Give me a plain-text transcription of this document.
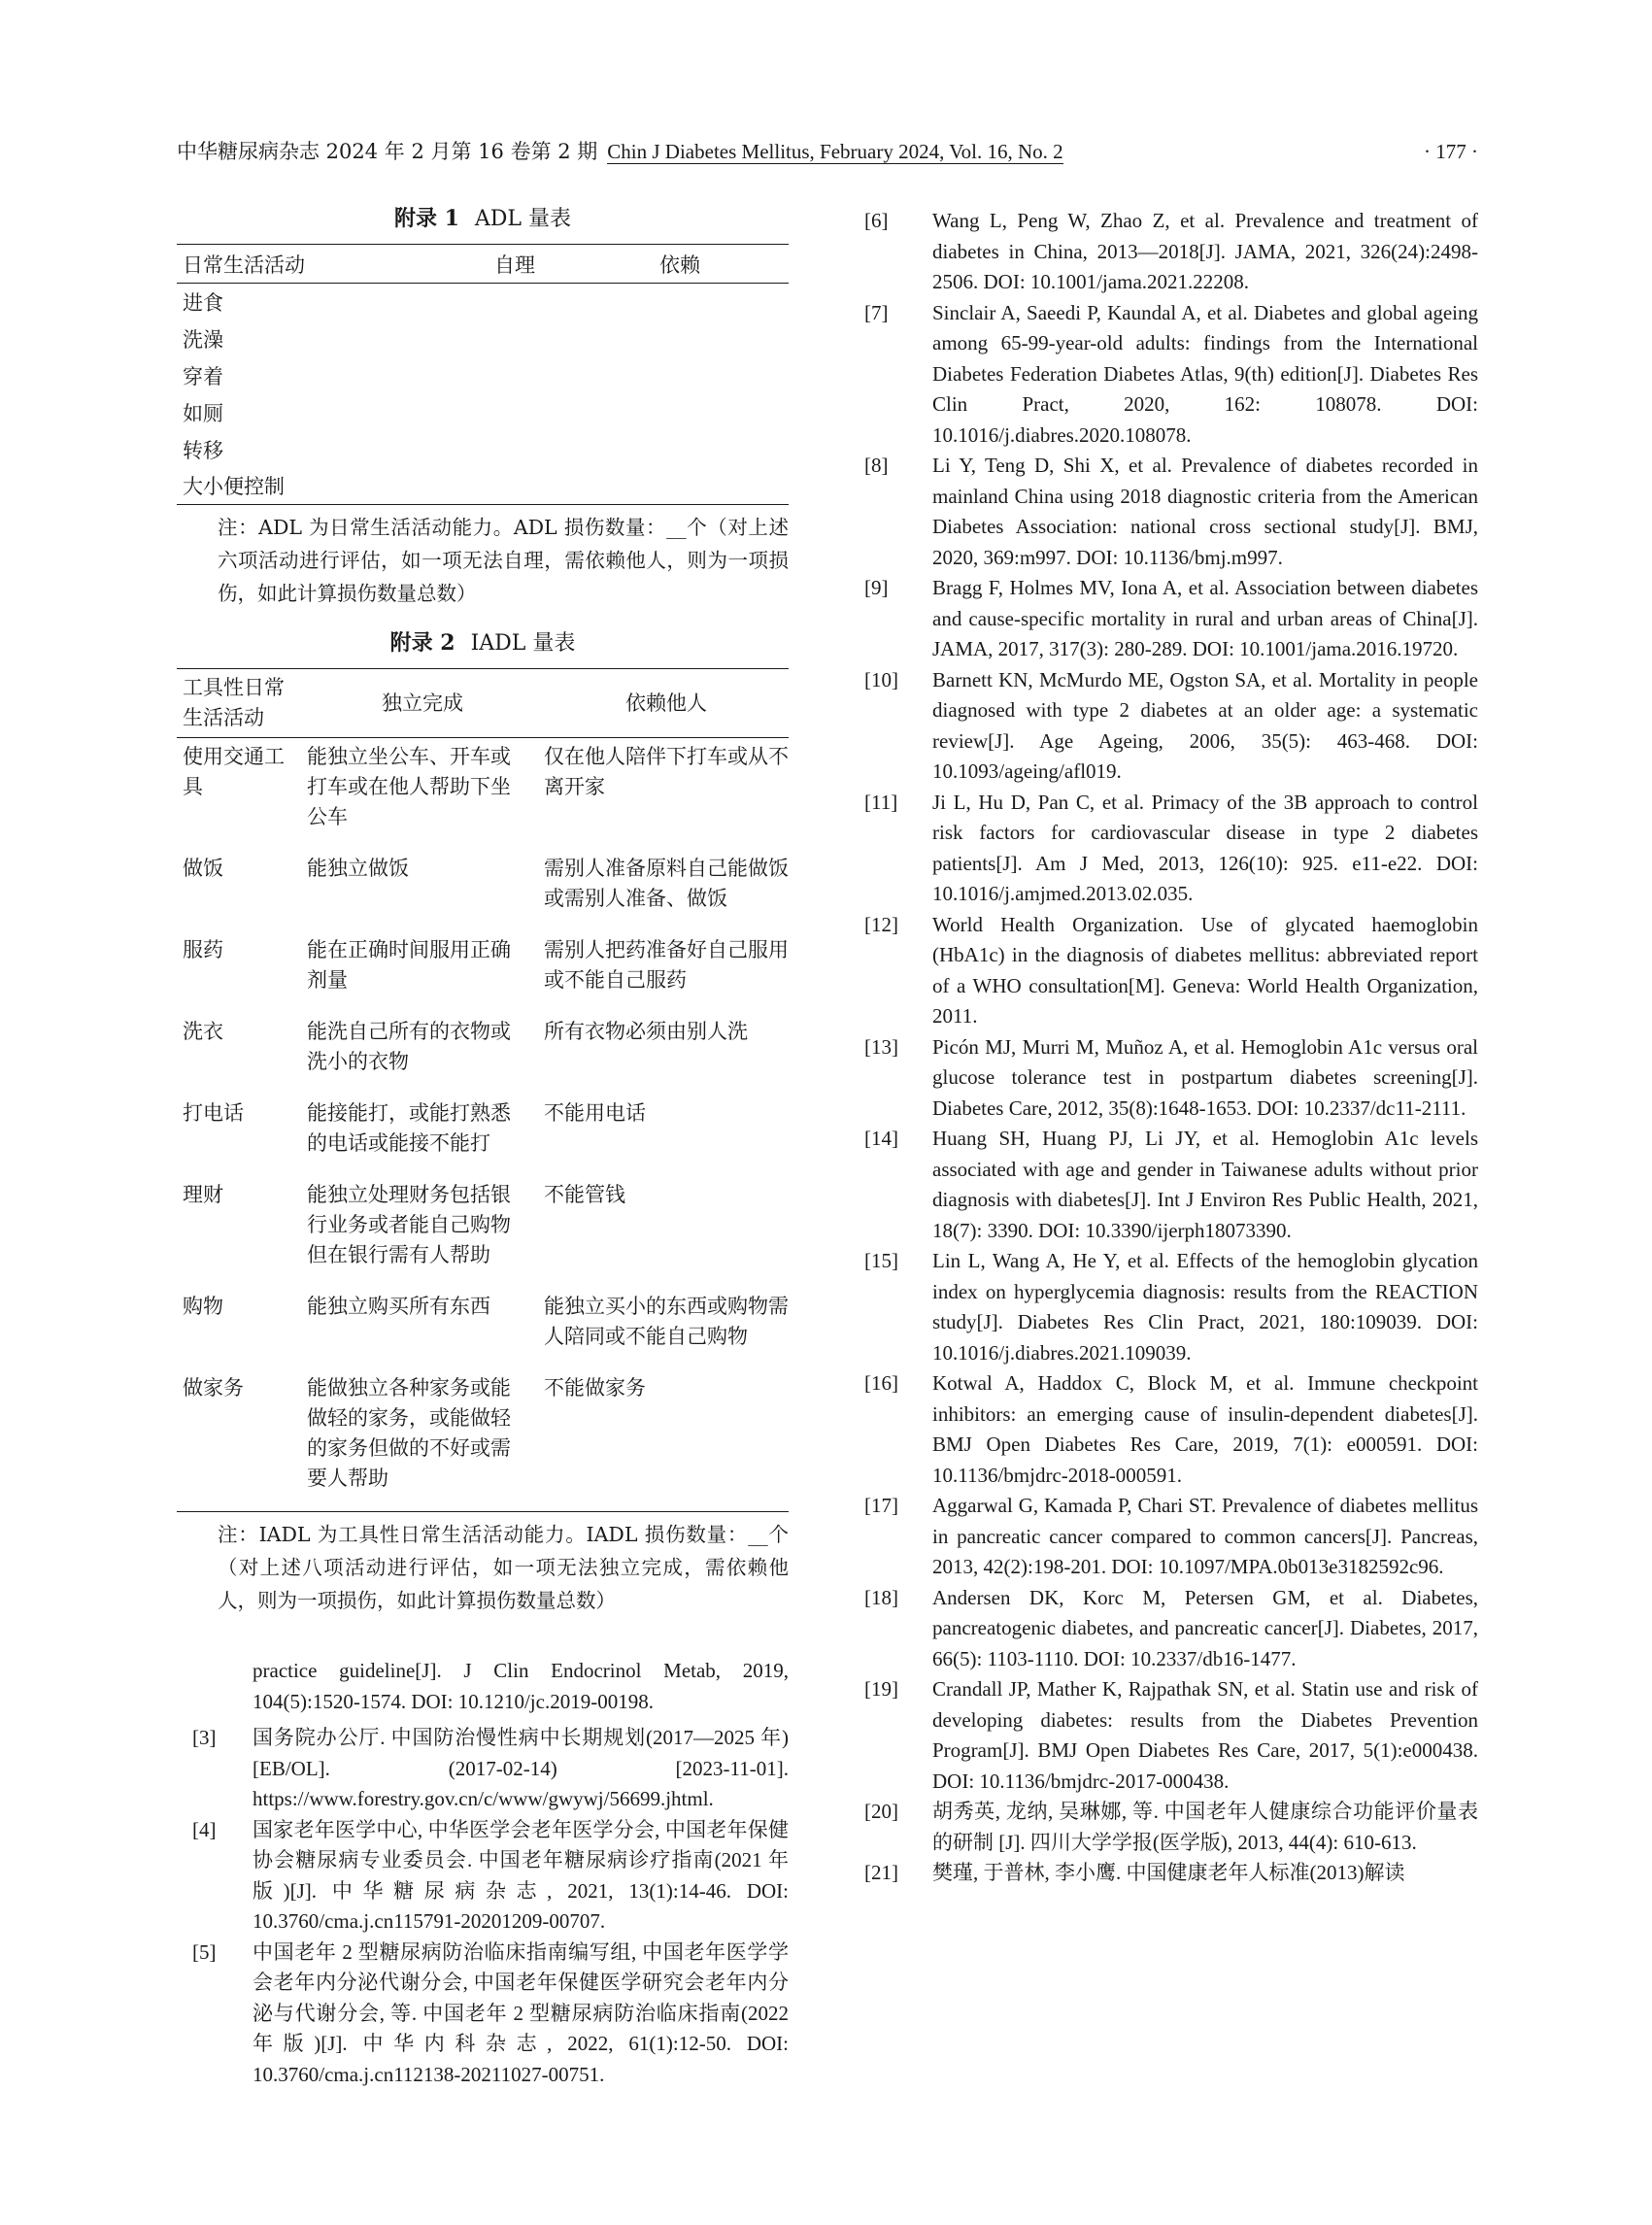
中华糖尿病杂志 2024 年 2 月第 16 卷第 2 期 Chin J Diabetes Mellitus, February 2024, Vol. 16, No. 2	· 177 ·
附录 1 ADL 量表
日常生活活动	自理	依赖
进食		
洗澡		
穿着		
如厕		
转移		
大小便控制		
注：ADL 为日常生活活动能力。ADL 损伤数量：__个（对上述六项活动进行评估，如一项无法自理，需依赖他人，则为一项损伤，如此计算损伤数量总数）
附录 2 IADL 量表
工具性日常生活活动	独立完成	依赖他人
使用交通工具	能独立坐公车、开车或打车或在他人帮助下坐公车	仅在他人陪伴下打车或从不离开家
做饭	能独立做饭	需别人准备原料自己能做饭或需别人准备、做饭
服药	能在正确时间服用正确剂量	需别人把药准备好自己服用或不能自己服药
洗衣	能洗自己所有的衣物或洗小的衣物	所有衣物必须由别人洗
打电话	能接能打，或能打熟悉的电话或能接不能打	不能用电话
理财	能独立处理财务包括银行业务或者能自己购物但在银行需有人帮助	不能管钱
购物	能独立购买所有东西	能独立买小的东西或购物需人陪同或不能自己购物
做家务	能做独立各种家务或能做轻的家务，或能做轻的家务但做的不好或需要人帮助	不能做家务
注：IADL 为工具性日常生活活动能力。IADL 损伤数量：__个（对上述八项活动进行评估，如一项无法独立完成，需依赖他人，则为一项损伤，如此计算损伤数量总数）
practice guideline[J]. J Clin Endocrinol Metab, 2019, 104(5):1520-1574. DOI: 10.1210/jc.2019-00198.
[3]	国务院办公厅. 中国防治慢性病中长期规划(2017—2025 年) [EB/OL]. (2017-02-14) [2023-11-01]. https://www.forestry.gov.cn/c/www/gwywj/56699.jhtml.
[4]	国家老年医学中心, 中华医学会老年医学分会, 中国老年保健协会糖尿病专业委员会. 中国老年糖尿病诊疗指南(2021 年版)[J]. 中华糖尿病杂志, 2021, 13(1):14-46. DOI: 10.3760/cma.j.cn115791-20201209-00707.
[5]	中国老年 2 型糖尿病防治临床指南编写组, 中国老年医学学会老年内分泌代谢分会, 中国老年保健医学研究会老年内分泌与代谢分会, 等. 中国老年 2 型糖尿病防治临床指南(2022 年版)[J]. 中华内科杂志, 2022, 61(1):12-50. DOI: 10.3760/cma.j.cn112138-20211027-00751.
[6]	Wang L, Peng W, Zhao Z, et al. Prevalence and treatment of diabetes in China, 2013—2018[J]. JAMA, 2021, 326(24):2498-2506. DOI: 10.1001/jama.2021.22208.
[7]	Sinclair A, Saeedi P, Kaundal A, et al. Diabetes and global ageing among 65-99-year-old adults: findings from the International Diabetes Federation Diabetes Atlas, 9(th) edition[J]. Diabetes Res Clin Pract, 2020, 162: 108078. DOI: 10.1016/j.diabres.2020.108078.
[8]	Li Y, Teng D, Shi X, et al. Prevalence of diabetes recorded in mainland China using 2018 diagnostic criteria from the American Diabetes Association: national cross sectional study[J]. BMJ, 2020, 369:m997. DOI: 10.1136/bmj.m997.
[9]	Bragg F, Holmes MV, Iona A, et al. Association between diabetes and cause-specific mortality in rural and urban areas of China[J]. JAMA, 2017, 317(3): 280-289. DOI: 10.1001/jama.2016.19720.
[10]	Barnett KN, McMurdo ME, Ogston SA, et al. Mortality in people diagnosed with type 2 diabetes at an older age: a systematic review[J]. Age Ageing, 2006, 35(5): 463-468. DOI: 10.1093/ageing/afl019.
[11]	Ji L, Hu D, Pan C, et al. Primacy of the 3B approach to control risk factors for cardiovascular disease in type 2 diabetes patients[J]. Am J Med, 2013, 126(10): 925. e11-e22. DOI: 10.1016/j.amjmed.2013.02.035.
[12]	World Health Organization. Use of glycated haemoglobin (HbA1c) in the diagnosis of diabetes mellitus: abbreviated report of a WHO consultation[M]. Geneva: World Health Organization, 2011.
[13]	Picón MJ, Murri M, Muñoz A, et al. Hemoglobin A1c versus oral glucose tolerance test in postpartum diabetes screening[J]. Diabetes Care, 2012, 35(8):1648-1653. DOI: 10.2337/dc11-2111.
[14]	Huang SH, Huang PJ, Li JY, et al. Hemoglobin A1c levels associated with age and gender in Taiwanese adults without prior diagnosis with diabetes[J]. Int J Environ Res Public Health, 2021, 18(7): 3390. DOI: 10.3390/ijerph18073390.
[15]	Lin L, Wang A, He Y, et al. Effects of the hemoglobin glycation index on hyperglycemia diagnosis: results from the REACTION study[J]. Diabetes Res Clin Pract, 2021, 180:109039. DOI: 10.1016/j.diabres.2021.109039.
[16]	Kotwal A, Haddox C, Block M, et al. Immune checkpoint inhibitors: an emerging cause of insulin-dependent diabetes[J]. BMJ Open Diabetes Res Care, 2019, 7(1): e000591. DOI: 10.1136/bmjdrc-2018-000591.
[17]	Aggarwal G, Kamada P, Chari ST. Prevalence of diabetes mellitus in pancreatic cancer compared to common cancers[J]. Pancreas, 2013, 42(2):198-201. DOI: 10.1097/MPA.0b013e3182592c96.
[18]	Andersen DK, Korc M, Petersen GM, et al. Diabetes, pancreatogenic diabetes, and pancreatic cancer[J]. Diabetes, 2017, 66(5): 1103-1110. DOI: 10.2337/db16-1477.
[19]	Crandall JP, Mather K, Rajpathak SN, et al. Statin use and risk of developing diabetes: results from the Diabetes Prevention Program[J]. BMJ Open Diabetes Res Care, 2017, 5(1):e000438. DOI: 10.1136/bmjdrc-2017-000438.
[20]	胡秀英, 龙纳, 吴琳娜, 等. 中国老年人健康综合功能评价量表的研制 [J]. 四川大学学报(医学版), 2013, 44(4): 610-613.
[21]	樊瑾, 于普林, 李小鹰. 中国健康老年人标准(2013)解读
